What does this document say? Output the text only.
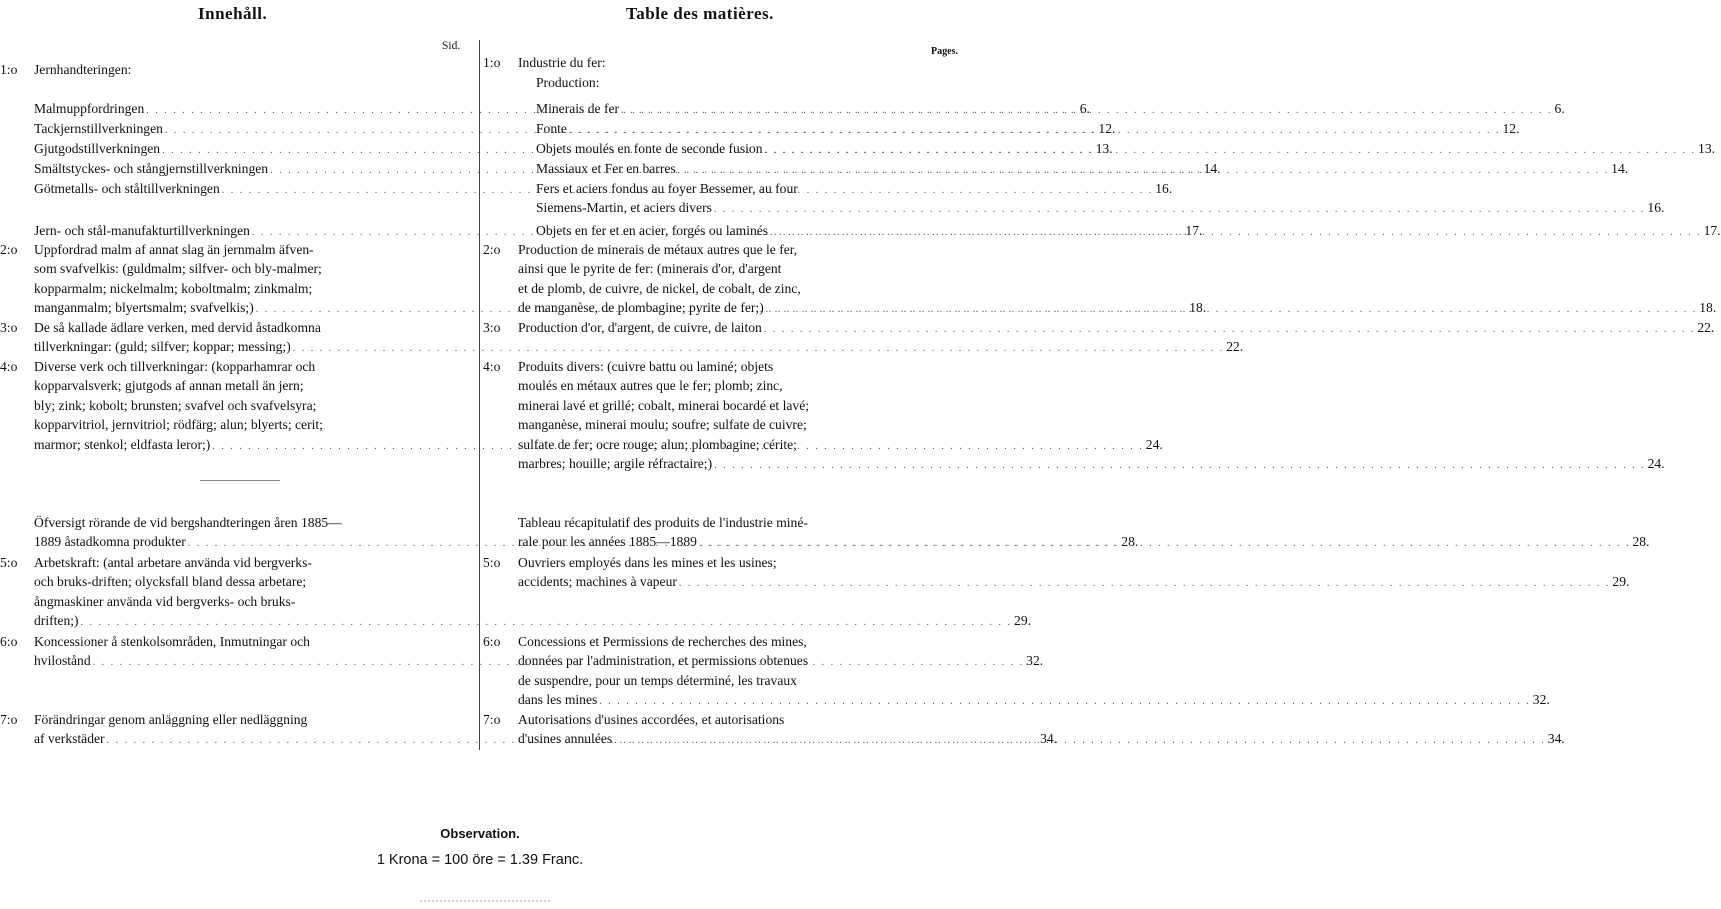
Innehåll.
Sid.
1:o Jernhandteringen:
Malmuppfordringen . . .	6.
Tackjernstillverkningen . . .	12.
Gjutgodstillverkningen . . .	13.
Smältstyckes- och stångjernstillverkningen . . .	14.
Götmetalls- och ståltillverkningen . . .	16.
Jern- och stål-manufakturtillverkningen . . .	17.
2:o Uppfordrad malm af annat slag än jernmalm äfven-
som svafvelkis: (guldmalm; silfver- och bly-malmer;
kopparmalm; nickelmalm; koboltmalm; zinkmalm;
manganmalm; blyertsmalm; svafvelkis;) . . .	18.
3:o De så kallade ädlare verken, med dervid åstadkomna
tillverkningar: (guld; silfver; koppar; messing;) . . .	22.
4:o Diverse verk och tillverkningar: (kopparhamrar och
kopparvalsverk; gjutgods af annan metall än jern;
bly; zink; kobolt; brunsten; svafvel och svafvelsyra;
kopparvitriol, jernvitriol; rödfärg; alun; blyerts; cerit;
marmor; stenkol; eldfasta leror;) . . .	24.
Öfversigt rörande de vid bergshandteringen åren 1885—
1889 åstadkomna produkter . . .	28.
5:o Arbetskraft: (antal arbetare använda vid bergverks-
och bruks-driften; olycksfall bland dessa arbetare;
ångmaskiner använda vid bergverks- och bruks-
driften;) . . .	29.
6:o Koncessioner å stenkolsområden, Inmutningar och
hvilostånd . . .	32.
7:o Förändringar genom anläggning eller nedläggning
af verkstäder . . .	34.
Table des matières.
Pages.
1:o Industrie du fer:
Production:
Minerais de fer . . .	6.
Fonte . . .	12.
Objets moulés en fonte de seconde fusion . . .	13.
Massiaux et Fer en barres . . .	14.
Fers et aciers fondus au foyer Bessemer, au four
Siemens-Martin, et aciers divers . . .	16.
Objets en fer et en acier, forgés ou laminés . . .	17.
2:o Production de minerais de métaux autres que le fer,
ainsi que le pyrite de fer: (minerais d'or, d'argent
et de plomb, de cuivre, de nickel, de cobalt, de zinc,
de manganèse, de plombagine; pyrite de fer;) . . .	18.
3:o Production d'or, d'argent, de cuivre, de laiton . . .	22.
4:o Produits divers: (cuivre battu ou laminé; objets
moulés en métaux autres que le fer; plomb; zinc,
minerai lavé et grillé; cobalt, minerai bocardé et lavé;
manganèse, minerai moulu; soufre; sulfate de cuivre;
sulfate de fer; ocre rouge; alun; plombagine; cérite;
marbres; houille; argile réfractaire;) . . .	24.
Tableau récapitulatif des produits de l'industrie miné-
rale pour les années 1885—1889 . . .	28.
5:o Ouvriers employés dans les mines et les usines;
accidents; machines à vapeur . . .	29.
6:o Concessions et Permissions de recherches des mines,
données par l'administration, et permissions obtenues
de suspendre, pour un temps déterminé, les travaux
dans les mines . . .	32.
7:o Autorisations d'usines accordées, et autorisations
d'usines annulées . . .	34.
Observation.
1 Krona = 100 öre = 1.39 Franc.
